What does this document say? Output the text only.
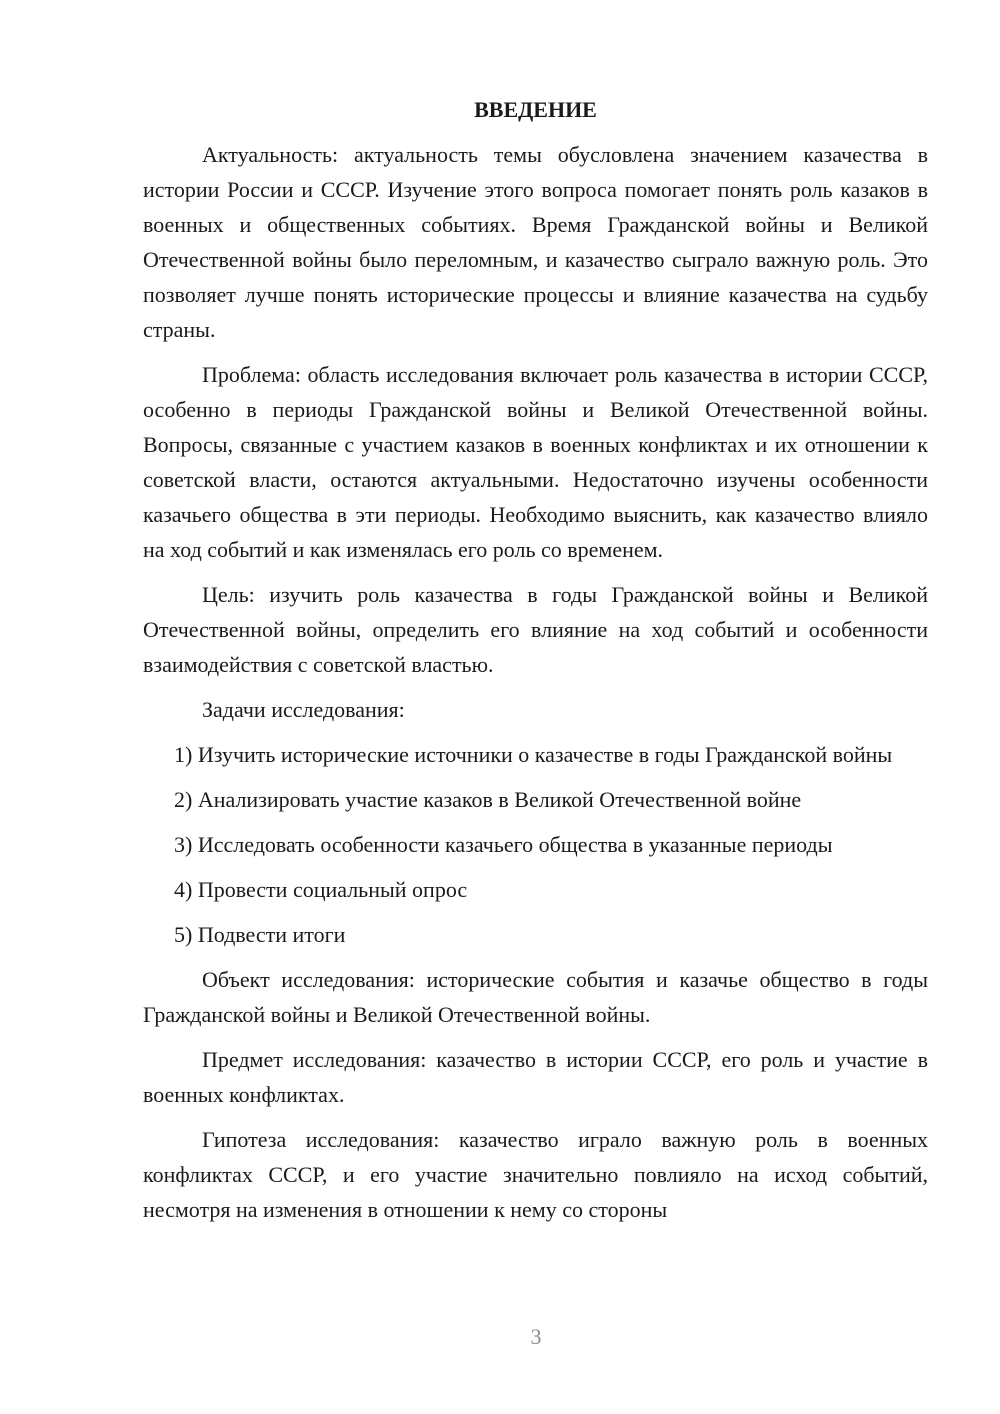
ВВЕДЕНИЕ

Актуальность: актуальность темы обусловлена значением казачества в истории России и СССР. Изучение этого вопроса помогает понять роль казаков в военных и общественных событиях. Время Гражданской войны и Великой Отечественной войны было переломным, и казачество сыграло важную роль. Это позволяет лучше понять исторические процессы и влияние казачества на судьбу страны.

Проблема: область исследования включает роль казачества в истории СССР, особенно в периоды Гражданской войны и Великой Отечественной войны. Вопросы, связанные с участием казаков в военных конфликтах и их отношении к советской власти, остаются актуальными. Недостаточно изучены особенности казачьего общества в эти периоды. Необходимо выяснить, как казачество влияло на ход событий и как изменялась его роль со временем.

Цель: изучить роль казачества в годы Гражданской войны и Великой Отечественной войны, определить его влияние на ход событий и особенности взаимодействия с советской властью.

Задачи исследования:

1) Изучить исторические источники о казачестве в годы Гражданской войны

2) Анализировать участие казаков в Великой Отечественной войне

3) Исследовать особенности казачьего общества в указанные периоды

4) Провести социальный опрос

5) Подвести итоги

Объект исследования: исторические события и казачье общество в годы Гражданской войны и Великой Отечественной войны.

Предмет исследования: казачество в истории СССР, его роль и участие в военных конфликтах.

Гипотеза исследования: казачество играло важную роль в военных конфликтах СССР, и его участие значительно повлияло на исход событий, несмотря на изменения в отношении к нему со стороны

3
